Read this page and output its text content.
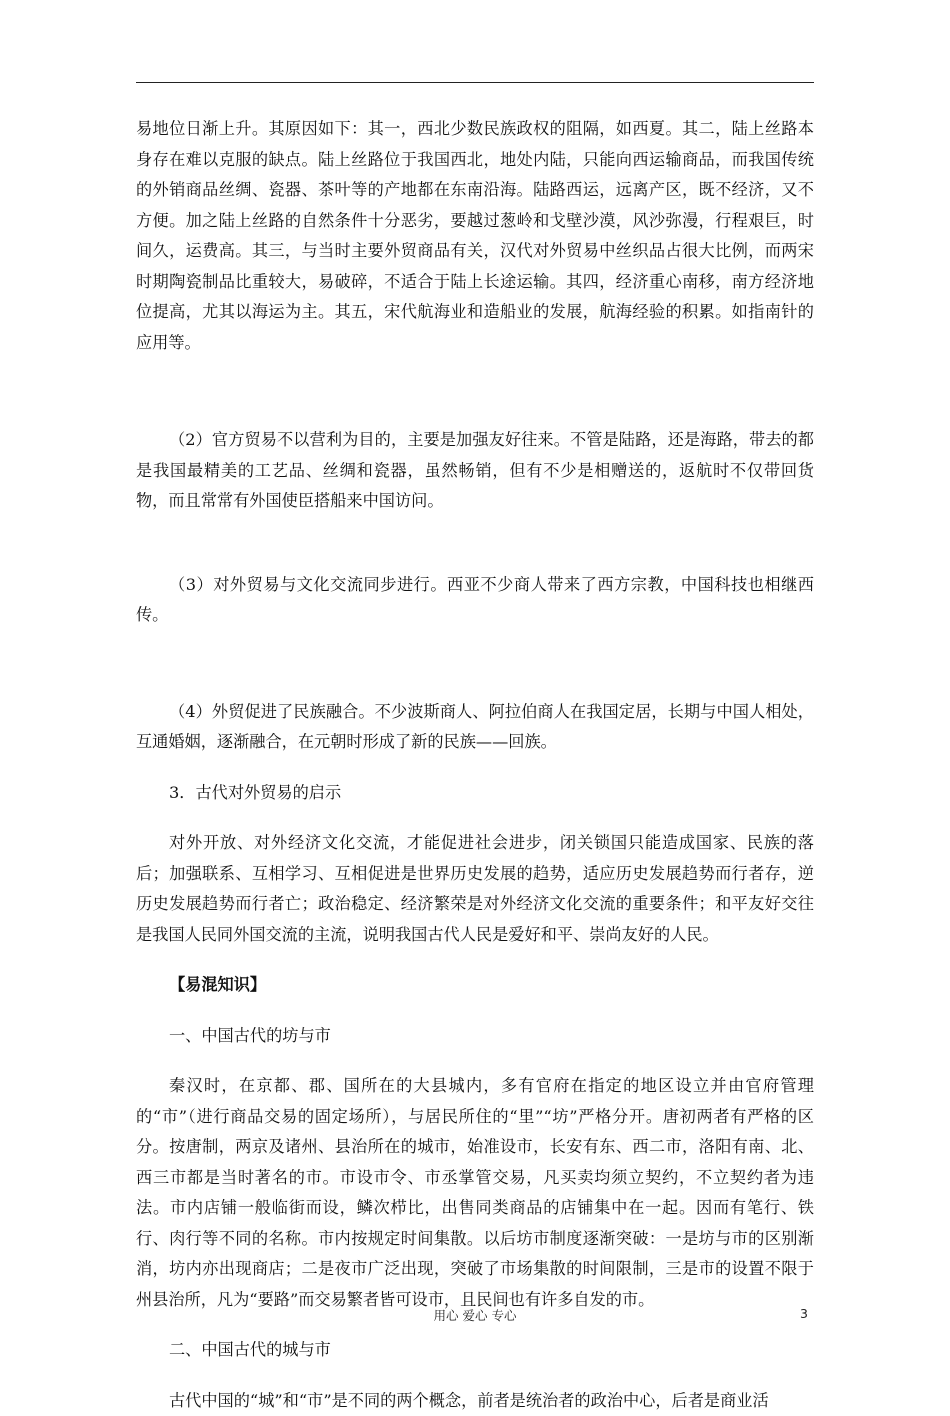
易地位日渐上升。其原因如下：其一，西北少数民族政权的阻隔，如西夏。其二，陆上丝路本身存在难以克服的缺点。陆上丝路位于我国西北，地处内陆，只能向西运输商品，而我国传统的外销商品丝绸、瓷器、茶叶等的产地都在东南沿海。陆路西运，远离产区，既不经济，又不方便。加之陆上丝路的自然条件十分恶劣，要越过葱岭和戈壁沙漠，风沙弥漫，行程艰巨，时间久，运费高。其三，与当时主要外贸商品有关，汉代对外贸易中丝织品占很大比例，而两宋时期陶瓷制品比重较大，易破碎，不适合于陆上长途运输。其四，经济重心南移，南方经济地位提高，尤其以海运为主。其五，宋代航海业和造船业的发展，航海经验的积累。如指南针的应用等。

（2）官方贸易不以营利为目的，主要是加强友好往来。不管是陆路，还是海路，带去的都是我国最精美的工艺品、丝绸和瓷器，虽然畅销，但有不少是相赠送的，返航时不仅带回货物，而且常常有外国使臣搭船来中国访问。

（3）对外贸易与文化交流同步进行。西亚不少商人带来了西方宗教，中国科技也相继西传。

（4）外贸促进了民族融合。不少波斯商人、阿拉伯商人在我国定居，长期与中国人相处，互通婚姻，逐渐融合，在元朝时形成了新的民族——回族。

3．古代对外贸易的启示

对外开放、对外经济文化交流，才能促进社会进步，闭关锁国只能造成国家、民族的落后；加强联系、互相学习、互相促进是世界历史发展的趋势，适应历史发展趋势而行者存，逆历史发展趋势而行者亡；政治稳定、经济繁荣是对外经济文化交流的重要条件；和平友好交往是我国人民同外国交流的主流，说明我国古代人民是爱好和平、崇尚友好的人民。

【易混知识】

一、中国古代的坊与市

秦汉时，在京都、郡、国所在的大县城内，多有官府在指定的地区设立并由官府管理的“市”（进行商品交易的固定场所），与居民所住的“里”“坊”严格分开。唐初两者有严格的区分。按唐制，两京及诸州、县治所在的城市，始准设市，长安有东、西二市，洛阳有南、北、西三市都是当时著名的市。市设市令、市丞掌管交易，凡买卖均须立契约，不立契约者为违法。市内店铺一般临街而设，鳞次栉比，出售同类商品的店铺集中在一起。因而有笔行、铁行、肉行等不同的名称。市内按规定时间集散。以后坊市制度逐渐突破：一是坊与市的区别渐消，坊内亦出现商店；二是夜市广泛出现，突破了市场集散的时间限制，三是市的设置不限于州县治所，凡为“要路”而交易繁者皆可设市，且民间也有许多自发的市。

二、中国古代的城与市

古代中国的“城”和“市”是不同的两个概念，前者是统治者的政治中心，后者是商业活

用心 爱心 专心	3
